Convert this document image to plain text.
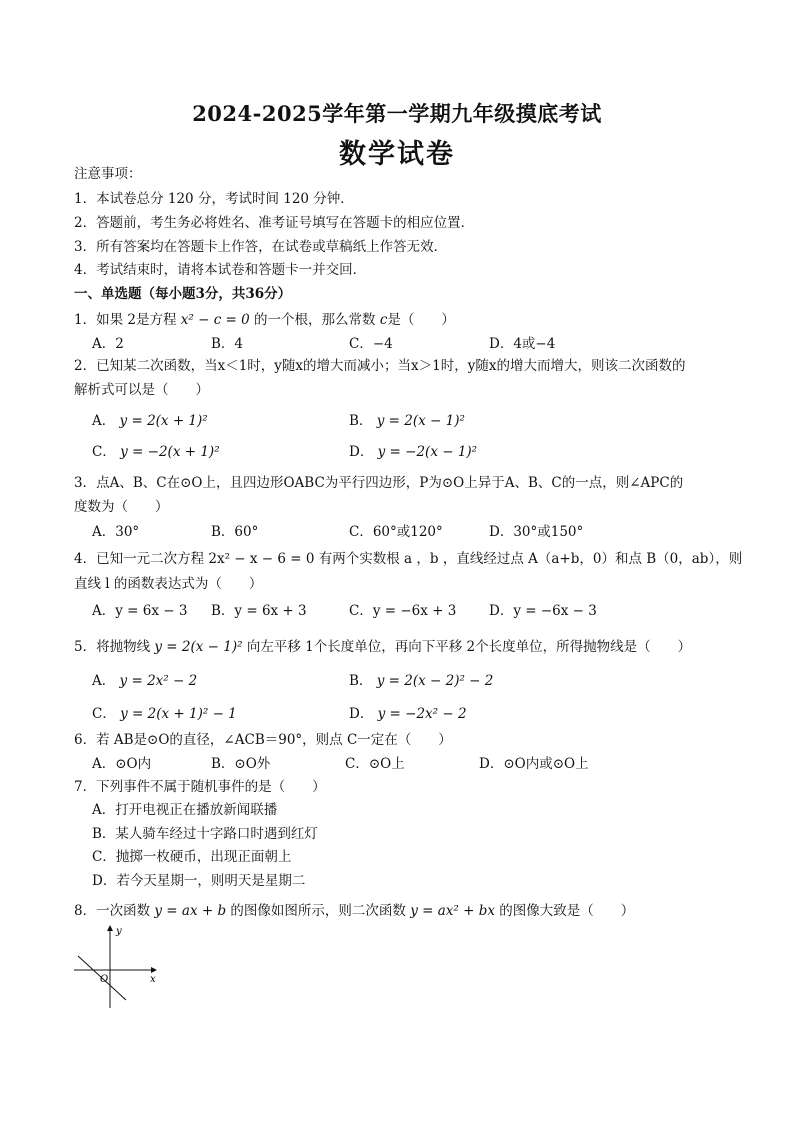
2024-2025学年第一学期九年级摸底考试
数学试卷
注意事项：
1．本试卷总分 120 分，考试时间 120 分钟．
2．答题前，考生务必将姓名、准考证号填写在答题卡的相应位置．
3．所有答案均在答题卡上作答，在试卷或草稿纸上作答无效．
4．考试结束时，请将本试卷和答题卡一并交回．
一、单选题（每小题3分，共36分）
1．如果 2是方程 x² − c = 0 的一个根，那么常数 c是（　　）
A．2	B．4	C．−4	D．4或−4
2．已知某二次函数，当x＜1时，y随x的增大而减小；当x＞1时，y随x的增大而增大，则该二次函数的
解析式可以是（　　）
A． y = 2(x + 1)²	B． y = 2(x − 1)²
C． y = −2(x + 1)²	D． y = −2(x − 1)²
3．点A、B、C在⊙O上，且四边形OABC为平行四边形，P为⊙O上异于A、B、C的一点，则∠APC的
度数为（　　）
A．30°	B．60°	C．60°或120°	D．30°或150°
4．已知一元二次方程 2x² − x − 6 = 0 有两个实数根 a ，b ，直线经过点 A（a+b，0）和点 B（0，ab），则
直线 l 的函数表达式为（　　）
A．y = 6x − 3 B．y = 6x + 3	C．y = −6x + 3 D．y = −6x − 3
5．将抛物线 y = 2(x − 1)² 向左平移 1个长度单位，再向下平移 2个长度单位，所得抛物线是（　　）
A． y = 2x² − 2	B． y = 2(x − 2)² − 2
C． y = 2(x + 1)² − 1	D． y = −2x² − 2
6．若 AB是⊙O的直径，∠ACB＝90°，则点 C一定在（　　）
A．⊙O内	B．⊙O外	C．⊙O上	D．⊙O内或⊙O上
7．下列事件不属于随机事件的是（　　）
A．打开电视正在播放新闻联播
B．某人骑车经过十字路口时遇到红灯
C．抛掷一枚硬币，出现正面朝上
D．若今天星期一，则明天是星期二
8．一次函数 y = ax + b 的图像如图所示，则二次函数 y = ax² + bx 的图像大致是（　　）
x
y
O
